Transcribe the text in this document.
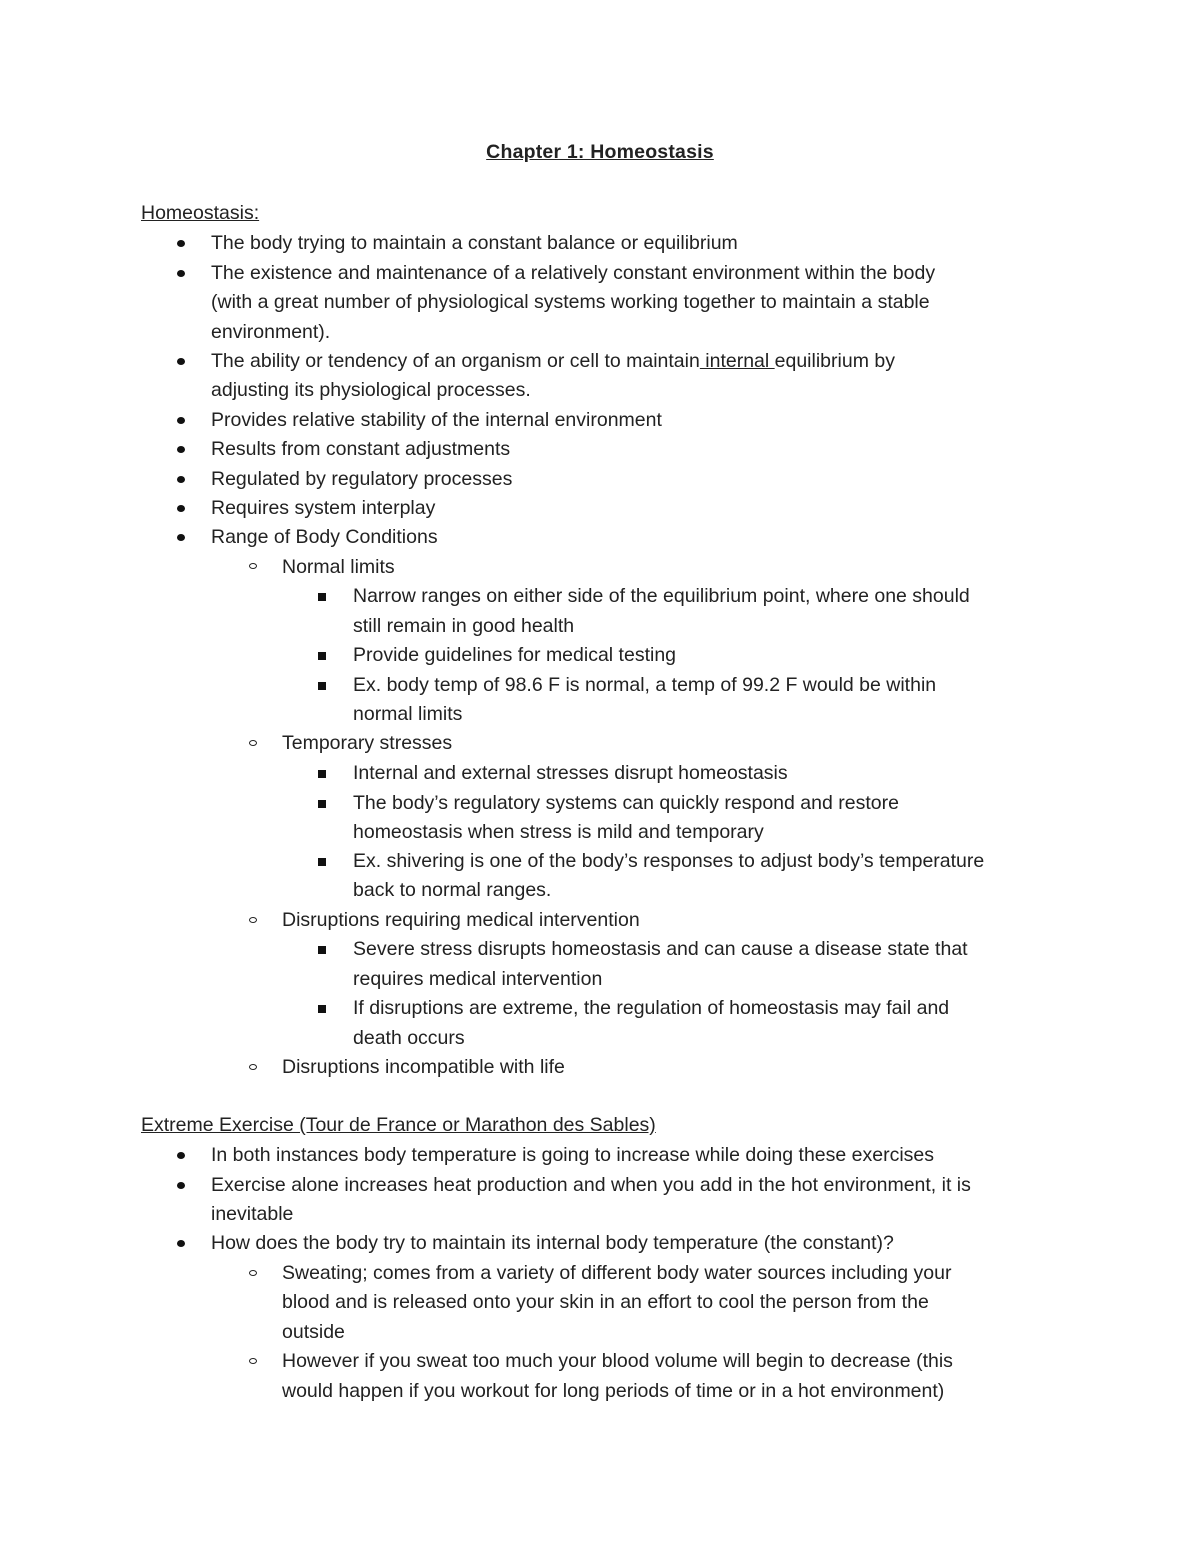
Chapter 1: Homeostasis
Homeostasis:
The body trying to maintain a constant balance or equilibrium
The existence and maintenance of a relatively constant environment within the body
(with a great number of physiological systems working together to maintain a stable
environment).
The ability or tendency of an organism or cell to maintain internal equilibrium by
adjusting its physiological processes.
Provides relative stability of the internal environment
Results from constant adjustments
Regulated by regulatory processes
Requires system interplay
Range of Body Conditions
Normal limits
Narrow ranges on either side of the equilibrium point, where one should
still remain in good health
Provide guidelines for medical testing
Ex. body temp of 98.6 F is normal, a temp of 99.2 F would be within
normal limits
Temporary stresses
Internal and external stresses disrupt homeostasis
The body’s regulatory systems can quickly respond and restore
homeostasis when stress is mild and temporary
Ex. shivering is one of the body’s responses to adjust body’s temperature
back to normal ranges.
Disruptions requiring medical intervention
Severe stress disrupts homeostasis and can cause a disease state that
requires medical intervention
If disruptions are extreme, the regulation of homeostasis may fail and
death occurs
Disruptions incompatible with life
Extreme Exercise (Tour de France or Marathon des Sables)
In both instances body temperature is going to increase while doing these exercises
Exercise alone increases heat production and when you add in the hot environment, it is
inevitable
How does the body try to maintain its internal body temperature (the constant)?
Sweating; comes from a variety of different body water sources including your
blood and is released onto your skin in an effort to cool the person from the
outside
However if you sweat too much your blood volume will begin to decrease (this
would happen if you workout for long periods of time or in a hot environment)
